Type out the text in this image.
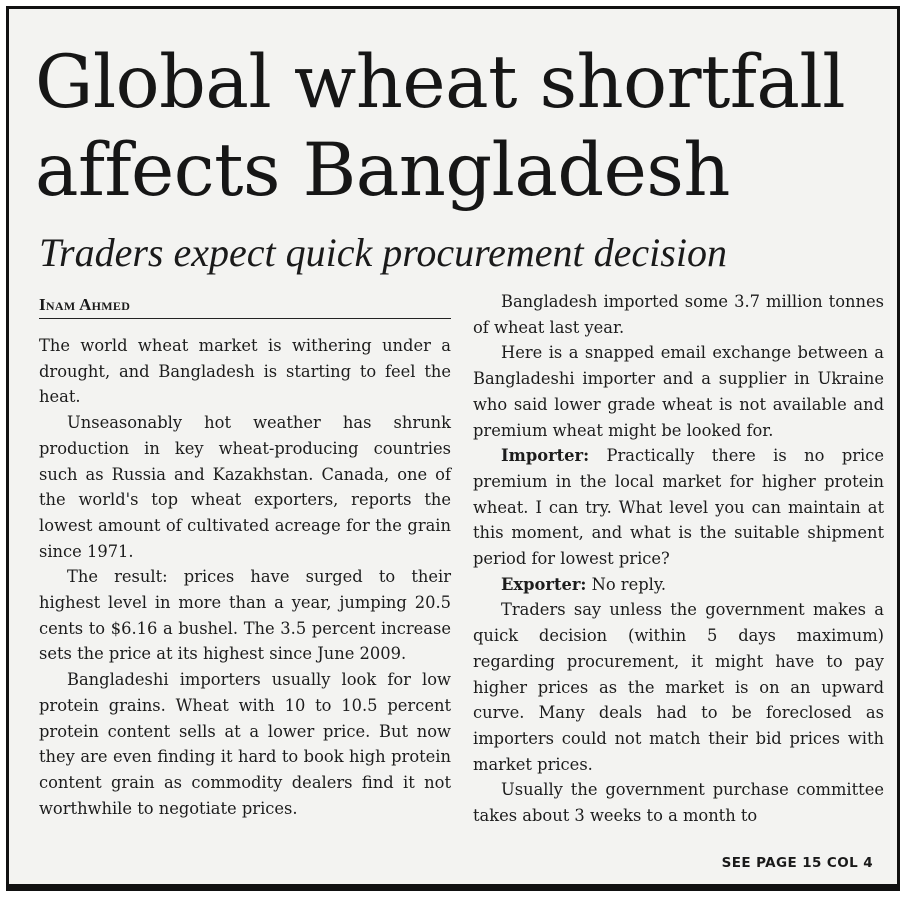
Global wheat shortfall
affects Bangladesh
Traders expect quick procurement decision
Inam Ahmed

The world wheat market is withering under a drought, and Bangladesh is starting to feel the heat.

Unseasonably hot weather has shrunk production in key wheat-producing countries such as Russia and Kazakhstan. Canada, one of the world's top wheat exporters, reports the lowest amount of cultivated acreage for the grain since 1971.

The result: prices have surged to their highest level in more than a year, jumping 20.5 cents to $6.16 a bushel. The 3.5 percent increase sets the price at its highest since June 2009.

Bangladeshi importers usually look for low protein grains. Wheat with 10 to 10.5 percent protein content sells at a lower price. But now they are even finding it hard to book high protein content grain as commodity dealers find it not worthwhile to negotiate prices.

Bangladesh imported some 3.7 million tonnes of wheat last year.

Here is a snapped email exchange between a Bangladeshi importer and a supplier in Ukraine who said lower grade wheat is not available and premium wheat might be looked for.

Importer: Practically there is no price premium in the local market for higher protein wheat. I can try. What level you can maintain at this moment, and what is the suitable shipment period for lowest price?

Exporter: No reply.

Traders say unless the government makes a quick decision (within 5 days maximum) regarding procurement, it might have to pay higher prices as the market is on an upward curve. Many deals had to be foreclosed as importers could not match their bid prices with market prices.

Usually the government purchase committee takes about 3 weeks to a month to

SEE PAGE 15 COL 4
